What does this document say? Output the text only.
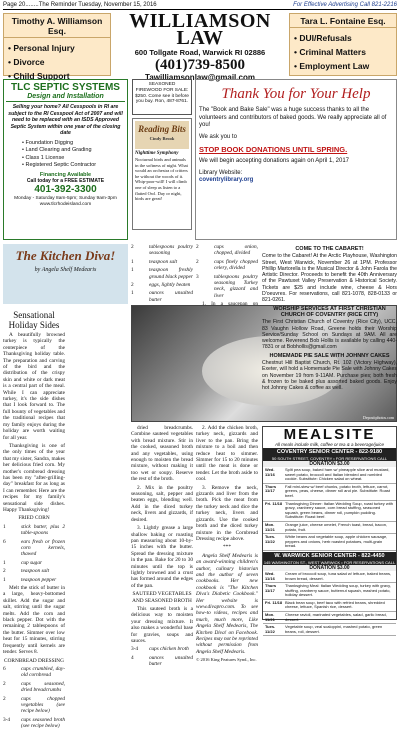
Page 20........The Reminder Tuesday, November 15, 2016	For Effective Advertising Call 821-2216
Timothy A. Williamson Esq.
• Personal Injury
• Divorce
• Child Support
WILLIAMSON
LAW
600 Tollgate Road, Warwick RI 02886
(401)739-8500
Tawilliamsonlaw@gmail.com
Tara L. Fontaine Esq.
• DUI/Refusals
• Criminal Matters
• Employment Law
TLC SEPTIC SYSTEMS
Design and Installation
Selling your home? All Cesspools in RI are subject to the RI Cesspool Act of 2007 and will need to be replaced with an ISDS Approved Septic System within one year of the closing date
• Foundation Digging
• Land Clearing and Grading
• Class 1 License
• Registered Septic Contractor
Financing Available
Call today for a FREE ESTIMATE
401-392-3300
Monday - Saturday 8am-5pm; Sunday 9am-3pm
www.tlcrhodeisland.com
SEASONED FIREWOOD FOR SALE: $250. Come see it before you buy. Ron, 487-8761.
Reading Bits
Cindy Brook
Nighttime Symphony
Nocturnal birds and animals in the softness of night. What would an orchestra of critters be without the woods of it. Whip-poor-will! I will climb one of sleep as listen to a flatted Owl. Day or night, birds are great!
Thank You for Your Help

The "Book and Bake Sale" was a huge success thanks to all the volunteers and contributors of baked goods. We really appreciate all of you!

We ask you to

STOP BOOK DONATIONS UNTIL SPRING.

We will begin accepting donations again on April 1, 2017

Library Website:
coventrylibrary.org
The Kitchen Diva!
by Angela Shelf Medearis

Sensational Holiday Sides

A beautifully browned turkey is typically the centerpiece of the Thanksgiving holiday table. The preparation and carving of the bird and the distribution of the crispy skin and white or dark meat is a central part of the meal. While I can appreciate turkey, it's the side dishes that I look forward to. The full bounty of vegetables and the traditional recipes that my family enjoys during the holiday are worth waiting for all year.

Thanksgiving is one of the only times of the year that my sister, Sandra, makes her delicious fried corn. My mother's cornbread dressing has been my "after-grilling-day" breakfast for as long as I can remember. Here are the recipes for my family's sensational side dishes. Happy Thanksgiving!

FRIED CORN

1	stick butter, plus 2 table-spoons

6	ears fresh or frozen corn kernels, thawed

1	cup sugar

2	teaspoon salt

1	teaspoon pepper

Melt the stick of butter in a large, heavy-bottomed skillet. Add the sugar and salt, stirring until the sugar melts. Add the corn and black pepper. Dot with the remaining 2 tablespoons of the butter. Simmer over low heat for 15 minutes, stirring frequently until kernels are tender. Serves 8.

CORNBREAD DRESSING

6	cups crumbled, day-old cornbread

2	cups seasoned, dried breadcrumbs

2	cups chopped vegetables (see recipe below)

3-4 cups seasoned broth (see recipe below)

2	tablespoons poultry seasoning

1	teaspoon salt

1	teaspoon freshly ground black pepper

2	eggs, lightly beaten

1	ounces unsalted butter

2	cups onion, chopped, divided

2	cups finely chopped celery, divided

3	tablespoons poultry seasoning Turkey neck, gizzard and liver

Depositphotos.com

dried breadcrumbs. Combine sauteed vegetables with bread mixture. Stir in the cooked, seasoned broth and any vegetables, using enough to moisten the bread mixture, without making it too wet or soupy. Reserve the rest of the broth.

2. Mix in the poultry seasoning, salt, pepper and beaten eggs, blending well. Add in the diced turkey neck, livers and gizzards, if desired.

3. Lightly grease a large shallow baking or roasting pan measuring about 10-by-15 inches with the butter. Spread the dressing mixture in the pan. Bake for 20 to 30 minutes until the top is lightly browned and a crust has formed around the edges of the pan.

SAUTEED VEGETABLES AND SEASONED BROTH

This sauteed broth is a delicious way to moisten your dressing mixture. It also makes a wonderful base for gravies, soups and sauces.

3-4 cups chicken broth

4	ounces unsalted butter

2. Add the chicken broth, turkey neck, gizzards and liver to the pan. Bring the mixture to a boil and then reduce heat to simmer. Simmer for 15 to 20 minutes until the meat is done or tender. Let the broth aside to cool.

3. Remove the neck, gizzards and liver from the broth. Pick the meat from the turkey neck and dice the turkey neck, livers and gizzards. Use the cooked broth and the diced turkey mixture in the Cornbread Dressing recipe above.

***

Angela Shelf Medearis is an award-winning children's author, culinary historian and the author of seven cookbooks. Her new cookbook is "The Kitchen Diva's Diabetic Cookbook." Her website is www.divapro.com. To see how-to videos, recipes and much, much more, Like Angela Shelf Medearis, The Kitchen Diva! on Facebook. Recipes may not be reprinted without permission from Angela Shelf Medearis.

© 2016 King Features Synd., Inc.

COME TO THE CABARET!

Come to the Cabaret! At the Arctic Playhouse, Washington Street, West Warwick, November 26 at 1PM. Professor Phillip Martorella is the Musical Director & John Farola the Artistic Director. Proceeds to benefit the 40th Anniversary of the Pawtuxet Valley Preservation & Historical Society. Tickets are $25 and include wine, cheese & Hors D'oeuvres. For reservations, call 821-1078, 828-0133 or 821-0261.

WORSHIP SERVICES AT FIRST CHRISTIAN CHURCH OF COVENTRY (RICE CITY)

The First Christian Church of Coventry (Rice City), UCC, 83 Vaughn Hollow Road, Greene holds their Worship Service/Sunday School on Sundays at 9AM. All are welcome. Reverend Bob Hollis is available by calling 440-7831 or at Bobhollis@gmail.com

HOMEMADE PIE SALE WITH JOHNNY CAKES

Chestnut Hill Baptist Church, Rt. 102 (Victory Highway), Exeter, will hold a Homemade Pie Sale with Johnny Cakes on November 19 from 9-11AM. Purchase pies; both fresh & frozen to be baked plus assorted baked goods. Enjoy hot Johnny Cakes & coffee as well.

MEALSITE
All meals include milk, coffee or tea & a beverage/juice
COVENTRY SENIOR CENTER - 822-9180
50 SOUTH STREET, COVENTRY • FOR RESERVATIONS CALL
DONATION $3.00
Wed. 11/16
Split pea soup, baked ham w/ pineapple slice and mustard, sweet potato, broccoli and Italian blended and rumbled cookie. Substitute: Chicken salad on wheat.
Thurs 11/17
Fall mini-stew w/ beef chunks, potato broth, lettuce, carrot, greens, peas, cheese, dinner roll and pie. Substitute: Roast beef.
Fri. 11/18 Thanksgiving Dinner: Italian Wedding Soup, roast turkey with gravy, cranberry sauce, corn bread stuffing, seasoned squash, green beans, dinner roll, pumpkin pudding. Substitute: Roast beef.
Mon. 11/21
Orange juice, cheese omelet, French toast, bread, bacon, potato, fruit.
Tues. 11/22
White beans and vegetable soup, apple chicken sausage, peppers and onions, herb roasted potatoes, multi-grain bread.
W. WARWICK SENIOR CENTER - 822-4450
145 WASHINGTON ST., WEST WARWICK • FOR RESERVATIONS CALL
DONATION $3.00
Wed. 11/16
Cream of broccoli soup, tuna salad w/ lettuce, baked beans, brown bread, dessert.
Thurs 11/17
Thanksgiving Meal: Italian Wedding soup, turkey with gravy, stuffing, cranberry sauce, butternut squash, mashed potato, holiday dessert.
Fri. 11/18 Black bean soup, beef taco with refried beans, shredded cheese, lettuce, Spanish rice, dessert.
Mon. 11/21
Cheese ravioli, marinated vegetables, salad, garlic bread, dessert.
Tues. 11/22
Vegetable soup, veal scaloppini, mashed potato, green beans, roll, dessert.
